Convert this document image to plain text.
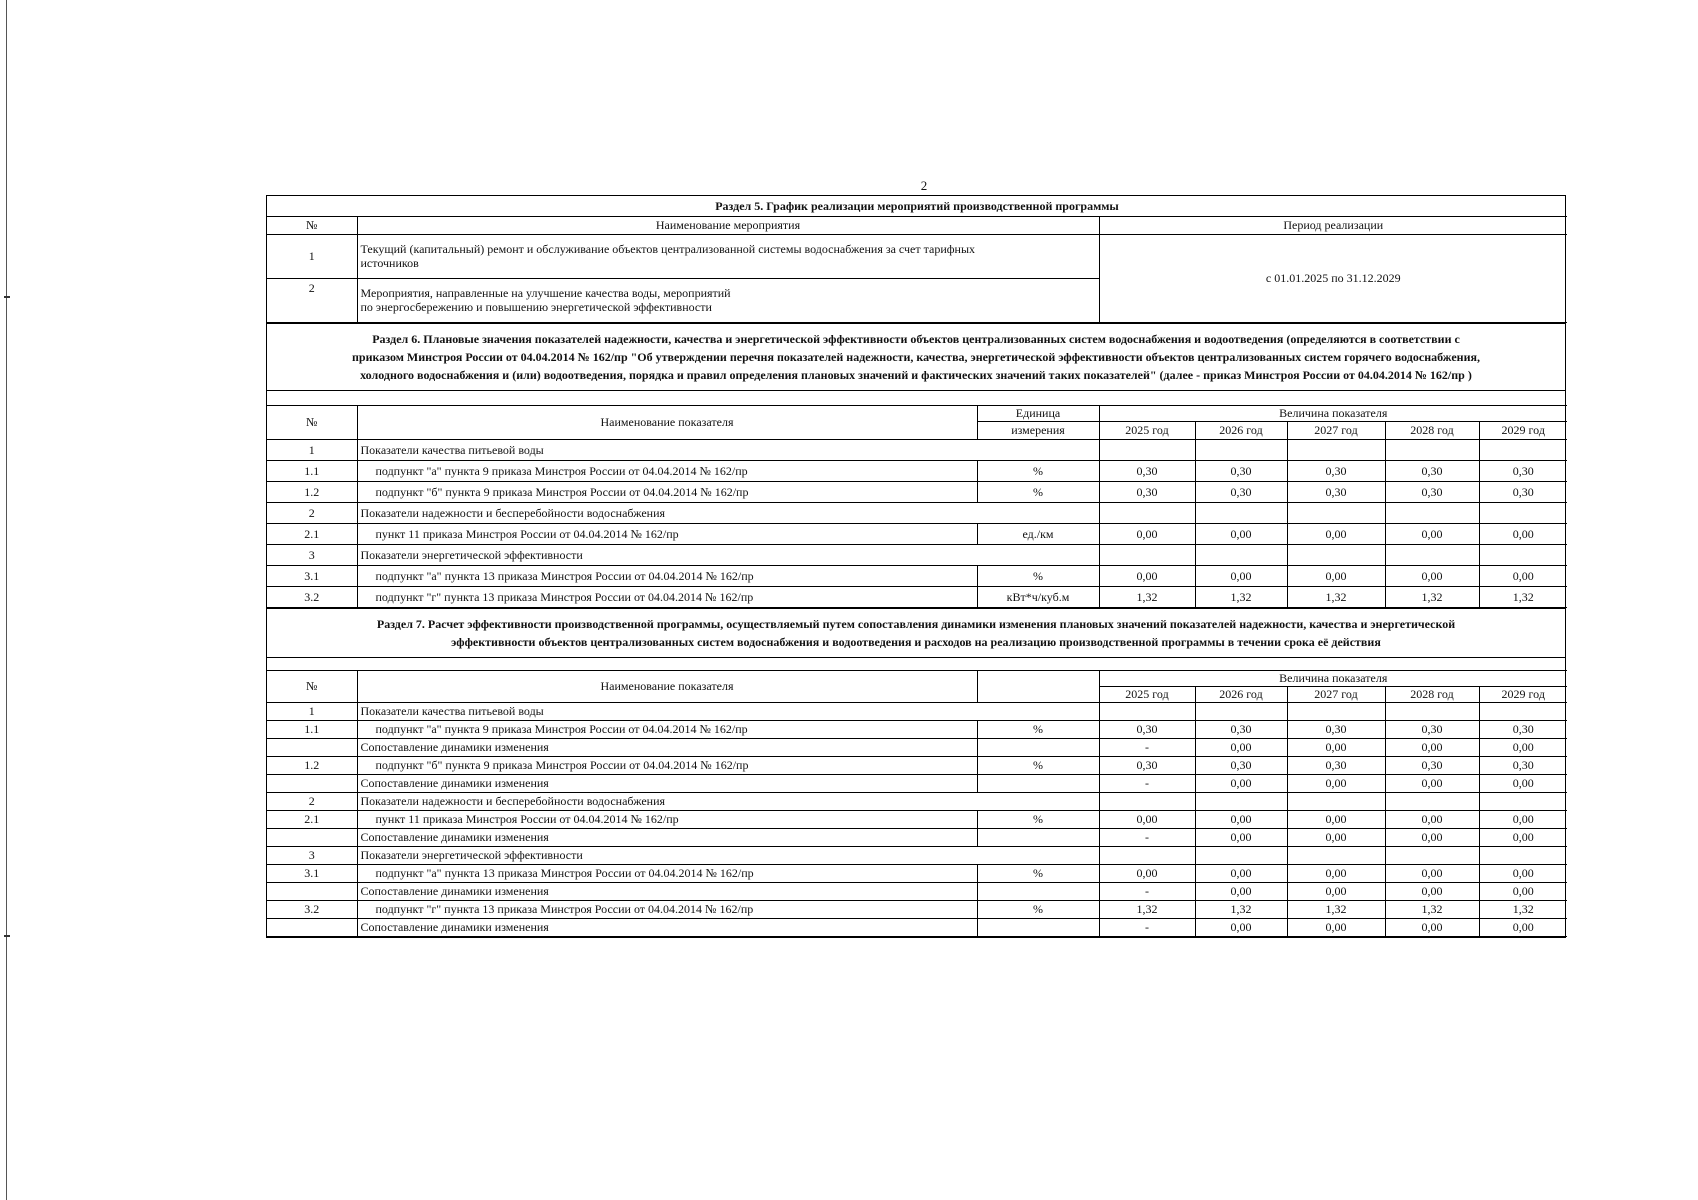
2
Раздел 5. График реализации мероприятий производственной программы		
№	Наименование мероприятия	Период реализации
1	Текущий (капитальный) ремонт и обслуживание объектов централизованной системы водоснабжения за счет тарифных
источников	с 01.01.2025 по 31.12.2029
2	Мероприятия, направленные на улучшение качества воды, мероприятий
по энергосбережению и повышению энергетической эффективности	
Раздел 6. Плановые значения показателей надежности, качества и энергетической эффективности объектов централизованных систем водоснабжения и водоотведения (определяются в соответствии с
приказом Минстроя России от 04.04.2014 № 162/пр "Об утверждении перечня показателей надежности, качества, энергетической эффективности объектов централизованных систем горячего водоснабжения,
холодного водоснабжения и (или) водоотведения, порядка и правил определения плановых значений и фактических значений таких показателей" (далее - приказ Минстроя России от 04.04.2014 № 162/пр )
№	Наименование показателя	Единица	Величина показателя				
		измерения	2025 год	2026 год	2027 год	2028 год	2029 год
1	Показатели качества питьевой воды						
1.1	подпункт "а" пункта 9 приказа Минстроя России от 04.04.2014 № 162/пр	%	0,30	0,30	0,30	0,30	0,30
1.2	подпункт "б" пункта 9 приказа Минстроя России от 04.04.2014 № 162/пр	%	0,30	0,30	0,30	0,30	0,30
2	Показатели надежности и бесперебойности водоснабжения						
2.1	пункт 11 приказа Минстроя России от 04.04.2014 № 162/пр	ед./км	0,00	0,00	0,00	0,00	0,00
3	Показатели энергетической эффективности						
3.1	подпункт "а" пункта 13 приказа Минстроя России от 04.04.2014 № 162/пр	%	0,00	0,00	0,00	0,00	0,00
3.2	подпункт "г" пункта 13 приказа Минстроя России от 04.04.2014 № 162/пр	кВт*ч/куб.м	1,32	1,32	1,32	1,32	1,32
Раздел 7. Расчет эффективности производственной программы, осуществляемый путем сопоставления динамики изменения плановых значений показателей надежности, качества и энергетической
эффективности объектов централизованных систем водоснабжения и водоотведения и расходов на реализацию производственной программы в течении срока её действия
№	Наименование показателя		Величина показателя				
			2025 год	2026 год	2027 год	2028 год	2029 год
1	Показатели качества питьевой воды						
1.1	подпункт "а" пункта 9 приказа Минстроя России от 04.04.2014 № 162/пр	%	0,30	0,30	0,30	0,30	0,30
	Сопоставление динамики изменения		-	0,00	0,00	0,00	0,00
1.2	подпункт "б" пункта 9 приказа Минстроя России от 04.04.2014 № 162/пр	%	0,30	0,30	0,30	0,30	0,30
	Сопоставление динамики изменения		-	0,00	0,00	0,00	0,00
2	Показатели надежности и бесперебойности водоснабжения						
2.1	пункт 11 приказа Минстроя России от 04.04.2014 № 162/пр	%	0,00	0,00	0,00	0,00	0,00
	Сопоставление динамики изменения		-	0,00	0,00	0,00	0,00
3	Показатели энергетической эффективности						
3.1	подпункт "а" пункта 13 приказа Минстроя России от 04.04.2014 № 162/пр	%	0,00	0,00	0,00	0,00	0,00
	Сопоставление динамики изменения		-	0,00	0,00	0,00	0,00
3.2	подпункт "г" пункта 13 приказа Минстроя России от 04.04.2014 № 162/пр	%	1,32	1,32	1,32	1,32	1,32
	Сопоставление динамики изменения		-	0,00	0,00	0,00	0,00
